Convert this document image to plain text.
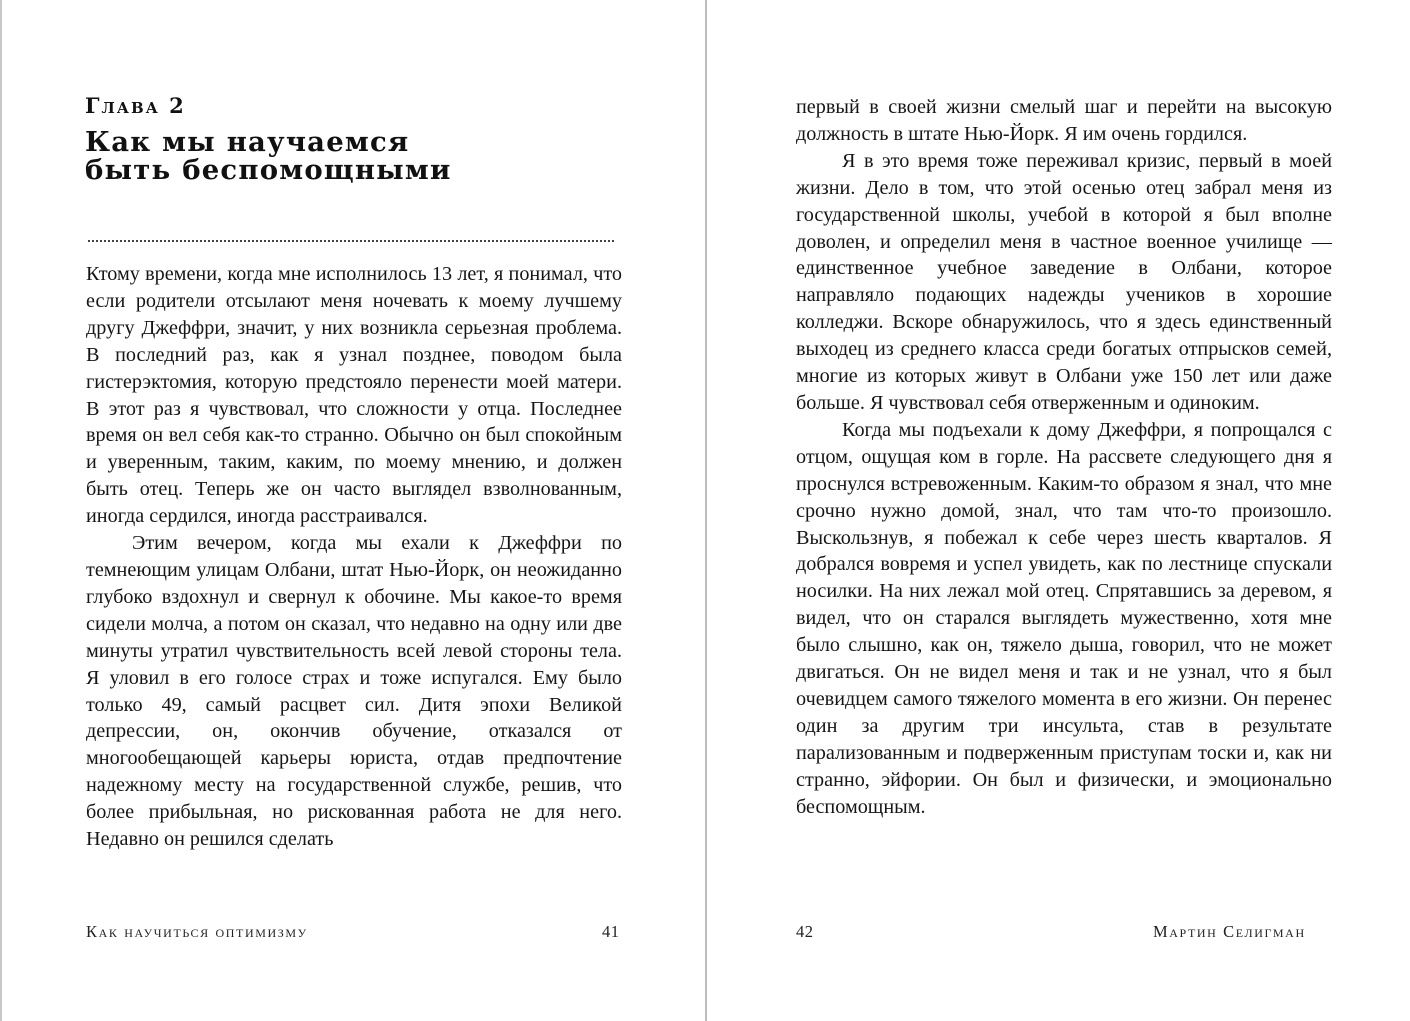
Глава 2
Как мы научаемся
быть беспомощными

Ктому времени, когда мне исполнилось 13 лет, я понимал, что если родители отсылают меня ночевать к моему лучшему другу Джеффри, значит, у них возникла серьезная проблема. В последний раз, как я узнал позднее, поводом была гистерэктомия, которую предстояло перенести моей матери. В этот раз я чувствовал, что сложности у отца. Последнее время он вел себя как-то странно. Обычно он был спокойным и уверенным, таким, каким, по моему мнению, и должен быть отец. Теперь же он часто выглядел взволнованным, иногда сердился, иногда расстраивался.

Этим вечером, когда мы ехали к Джеффри по темнеющим улицам Олбани, штат Нью-Йорк, он неожиданно глубоко вздохнул и свернул к обочине. Мы какое-то время сидели молча, а потом он сказал, что недавно на одну или две минуты утратил чувствительность всей левой стороны тела. Я уловил в его голосе страх и тоже испугался. Ему было только 49, самый расцвет сил. Дитя эпохи Великой депрессии, он, окончив обучение, отказался от многообещающей карьеры юриста, отдав предпочтение надежному месту на государственной службе, решив, что более прибыльная, но рискованная работа не для него. Недавно он решился сделать

Как научиться оптимизму	41

первый в своей жизни смелый шаг и перейти на высокую должность в штате Нью-Йорк. Я им очень гордился.

Я в это время тоже переживал кризис, первый в моей жизни. Дело в том, что этой осенью отец забрал меня из государственной школы, учебой в которой я был вполне доволен, и определил меня в частное военное училище — единственное учебное заведение в Олбани, которое направляло подающих надежды учеников в хорошие колледжи. Вскоре обнаружилось, что я здесь единственный выходец из среднего класса среди богатых отпрысков семей, многие из которых живут в Олбани уже 150 лет или даже больше. Я чувствовал себя отверженным и одиноким.

Когда мы подъехали к дому Джеффри, я попрощался с отцом, ощущая ком в горле. На рассвете следующего дня я проснулся встревоженным. Каким-то образом я знал, что мне срочно нужно домой, знал, что там что-то произошло. Выскользнув, я побежал к себе через шесть кварталов. Я добрался вовремя и успел увидеть, как по лестнице спускали носилки. На них лежал мой отец. Спрятавшись за деревом, я видел, что он старался выглядеть мужественно, хотя мне было слышно, как он, тяжело дыша, говорил, что не может двигаться. Он не видел меня и так и не узнал, что я был очевидцем самого тяжелого момента в его жизни. Он перенес один за другим три инсульта, став в результате парализованным и подверженным приступам тоски и, как ни странно, эйфории. Он был и физически, и эмоционально беспомощным.

42	Мартин Селигман
